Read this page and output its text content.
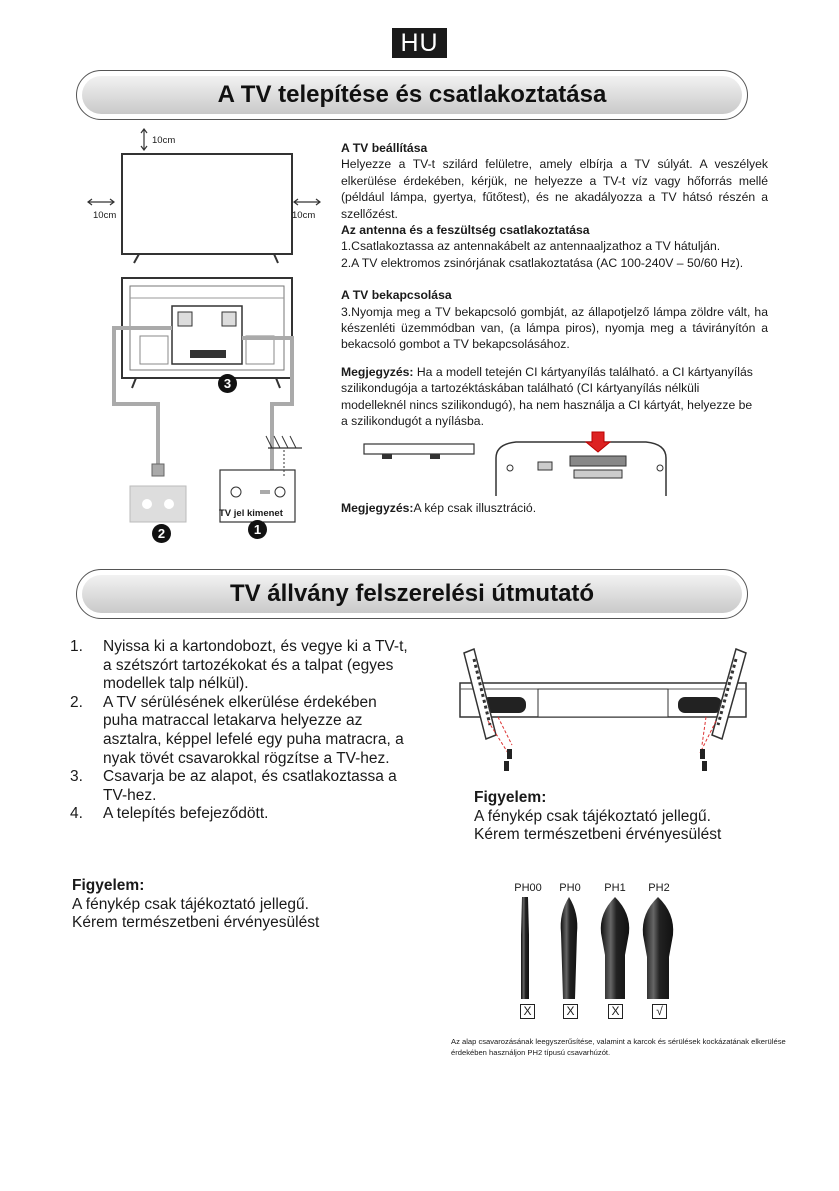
HU
A TV telepítése és csatlakoztatása
10cm
10cm	10cm
TV jel kimenet
3
2	1

A TV beállítása

Helyezze a TV-t szilárd felületre, amely elbírja a TV súlyát. A veszélyek elkerülése érdekében, kérjük, ne helyezze a TV-t víz vagy hőforrás mellé (például lámpa, gyertya, fűtőtest), és ne akadályozza a TV hátsó részén a szellőzést.

Az antenna és a feszültség csatlakoztatása

1.Csatlakoztassa az antennakábelt az antennaaljzathoz a TV hátulján.

2.A TV elektromos zsinórjának csatlakoztatása (AC 100-240V – 50/60 Hz).

A TV bekapcsolása

3.Nyomja meg a TV bekapcsoló gombját, az állapotjelző lámpa zöldre vált, ha készenléti üzemmódban van, (a lámpa piros), nyomja meg a távirányítón a bekacsoló gombot a TV bekapcsolásához.

Megjegyzés: Ha a modell tetején CI kártyanyílás található. a CI kártyanyílás szilikondugója a tartozéktáskában található (CI kártyanyílás nélküli modelleknél nincs szilikondugó), ha nem használja a CI kártyát, helyezze be a szilikondugót a nyílásba.

Megjegyzés:A kép csak illusztráció.
TV állvány felszerelési útmutató
1.	Nyissa ki a kartondobozt, és vegye ki a TV-t, a szétszórt tartozékokat és a talpat (egyes modellek talp nélkül).
2.	A TV sérülésének elkerülése érdekében puha matraccal letakarva helyezze az asztalra, képpel lefelé egy puha matracra, a nyak tövét csavarokkal rögzítse a TV-hez.
3.	Csavarja be az alapot, és csatlakoztassa a TV-hez.
4.	A telepítés befejeződött.
Figyelem:
A fénykép csak tájékoztató jellegű.
Kérem természetbeni érvényesülést
Figyelem:
A fénykép csak tájékoztató jellegű.
Kérem természetbeni érvényesülést
PH00	PH0	PH1	PH2
X	X	X	√
Az alap csavarozásának leegyszerűsítése, valamint a karcok és sérülések kockázatának elkerülése érdekében használjon PH2 típusú csavarhúzót.
